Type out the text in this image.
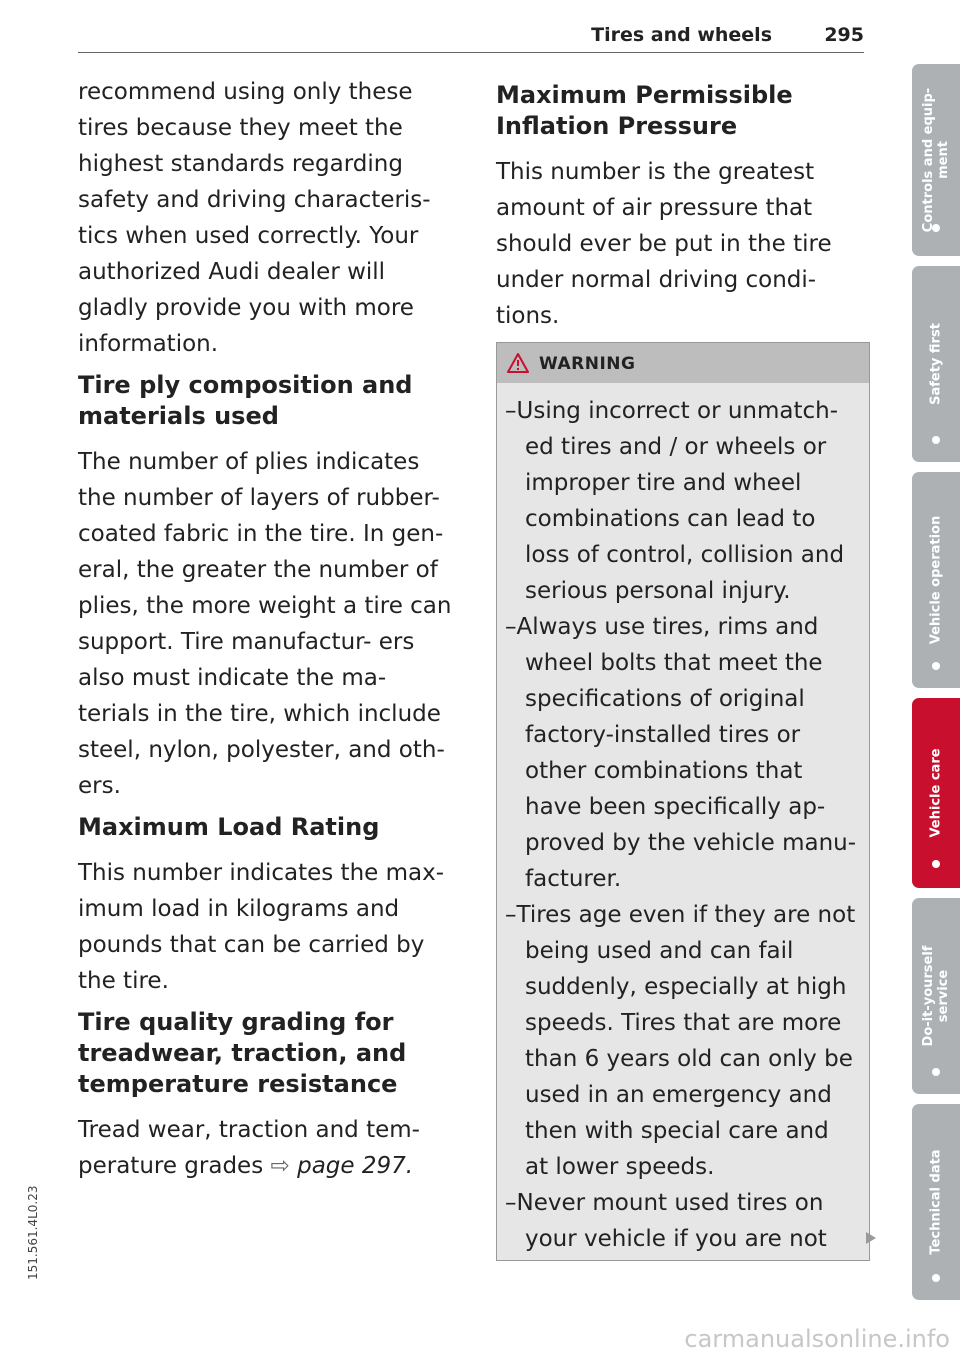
Tires and wheels	295

recommend using only these tires because they meet the highest standards regarding safety and driving characteris- tics when used correctly. Your authorized Audi dealer will gladly provide you with more information.

Tire ply composition and materials used

The number of plies indicates the number of layers of rubber- coated fabric in the tire. In gen- eral, the greater the number of plies, the more weight a tire can support. Tire manufactur- ers also must indicate the ma- terials in the tire, which include steel, nylon, polyester, and oth- ers.

Maximum Load Rating

This number indicates the max- imum load in kilograms and pounds that can be carried by the tire.

Tire quality grading for treadwear, traction, and temperature resistance

Tread wear, traction and tem- perature grades ⇨ page 297.

Maximum Permissible Inflation Pressure

This number is the greatest amount of air pressure that should ever be put in the tire under normal driving condi- tions.

WARNING
–Using incorrect or unmatch- ed tires and / or wheels or improper tire and wheel combinations can lead to loss of control, collision and serious personal injury.
–Always use tires, rims and wheel bolts that meet the specifications of original factory-installed tires or other combinations that have been specifically ap- proved by the vehicle manu- facturer.
–Tires age even if they are not being used and can fail suddenly, especially at high speeds. Tires that are more than 6 years old can only be used in an emergency and then with special care and at lower speeds.
–Never mount used tires on your vehicle if you are not
Controls and equip- ment
Safety first
Vehicle operation
Vehicle care
Do-it-yourself service
Technical data
151.561.4L0.23
carmanualsonline.info
